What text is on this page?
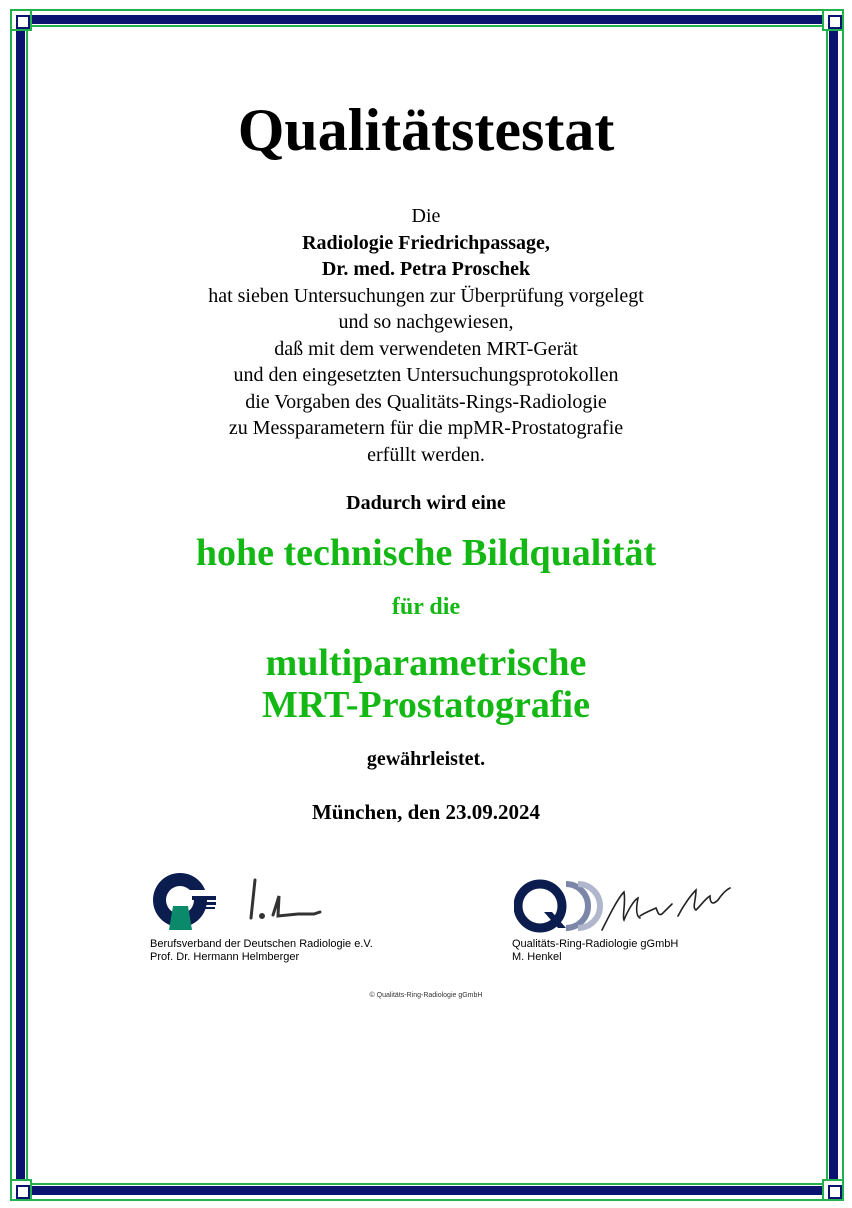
Qualitätstestat
Die
Radiologie Friedrichpassage,
Dr. med. Petra Proschek
hat sieben Untersuchungen zur Überprüfung vorgelegt
und so nachgewiesen,
daß mit dem verwendeten MRT-Gerät
und den eingesetzten Untersuchungsprotokollen
die Vorgaben des Qualitäts-Rings-Radiologie
zu Messparametern für die mpMR-Prostatografie
erfüllt werden.
Dadurch wird eine
hohe technische Bildqualität
für die
multiparametrische
MRT-Prostatografie
gewährleistet.
München, den 23.09.2024
Berufsverband der Deutschen Radiologie e.V.
Prof. Dr. Hermann Helmberger
Qualitäts-Ring-Radiologie gGmbH
M. Henkel
© Qualitäts-Ring-Radiologie gGmbH
